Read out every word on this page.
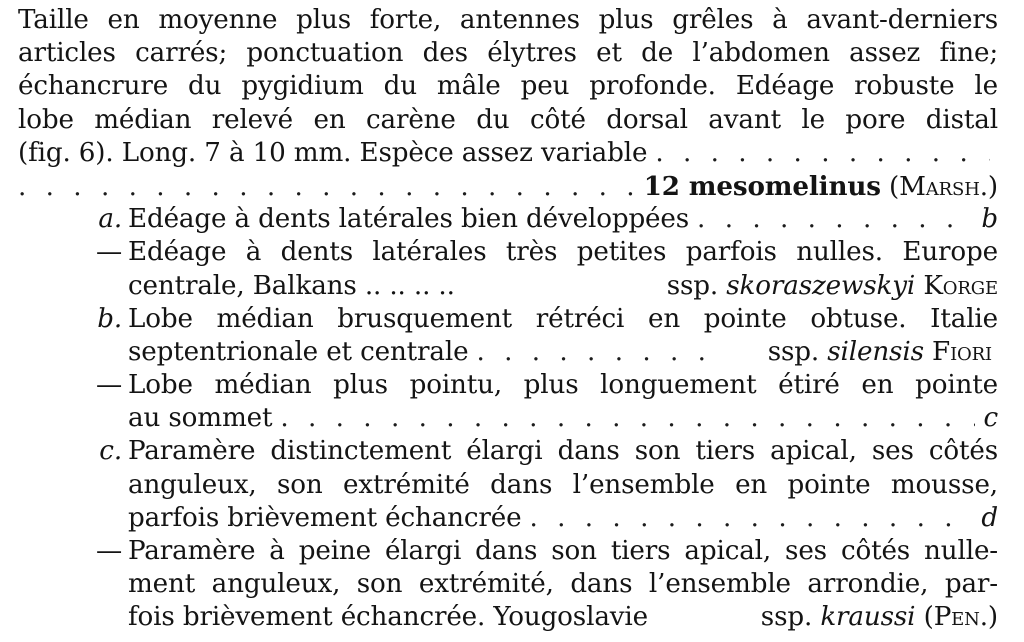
Taille en moyenne plus forte, antennes plus grêles à avant-derniers
articles carrés; ponctuation des élytres et de l’abdomen assez fine;
échancrure du pygidium du mâle peu profonde. Edéage robuste le
lobe médian relevé en carène du côté dorsal avant le pore distal
(fig. 6). Long. 7 à 10 mm. Espèce assez variable
. . .
. . .
12 mesomelinus (Marsh.)
a. Edéage à dents latérales bien développées . . .	b
— Edéage à dents latérales très petites parfois nulles. Europe
centrale, Balkans .. .. .. ..	ssp. skoraszewskyi Korge
b. Lobe médian brusquement rétréci en pointe obtuse. Italie
septentrionale et centrale . . .	ssp. silensis Fiori
— Lobe médian plus pointu, plus longuement étiré en pointe
au sommet . . .	c
c. Paramère distinctement élargi dans son tiers apical, ses côtés
anguleux, son extrémité dans l’ensemble en pointe mousse,
parfois brièvement échancrée . . .	d
— Paramère à peine élargi dans son tiers apical, ses côtés nulle-
ment anguleux, son extrémité, dans l’ensemble arrondie, par-
fois brièvement échancrée. Yougoslavie	ssp. kraussi (Pen.)
